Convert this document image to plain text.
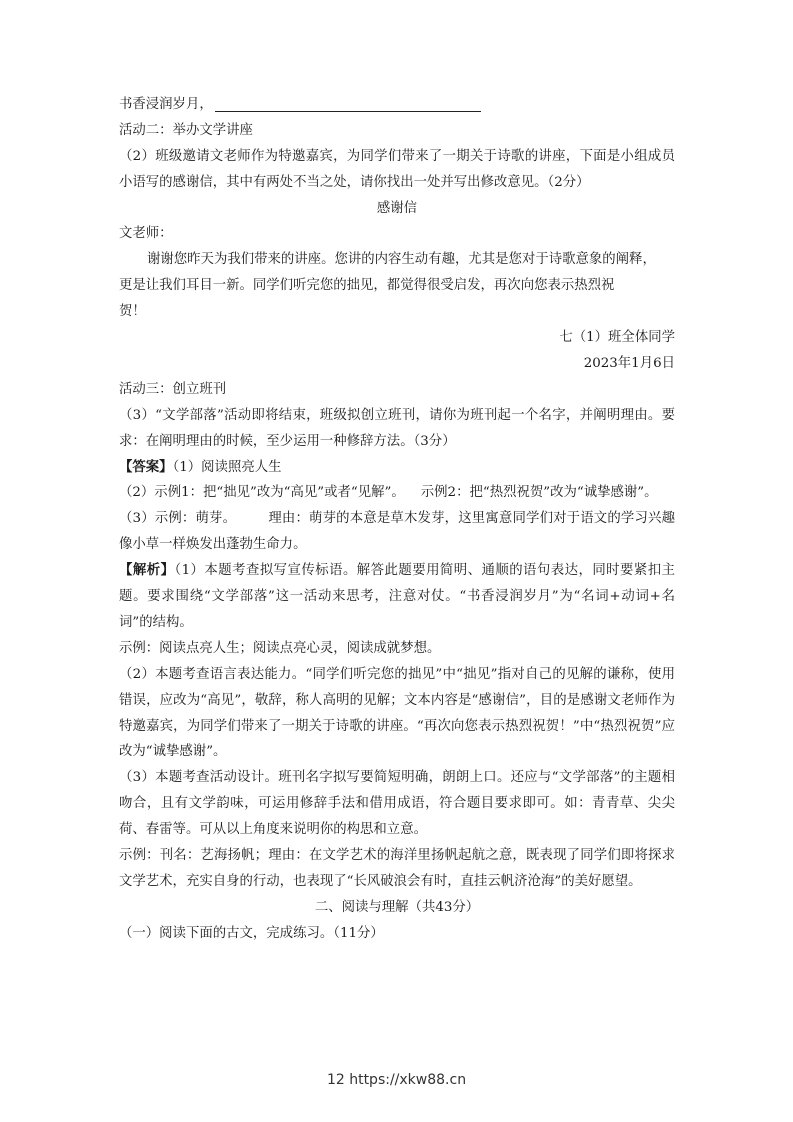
书香浸润岁月，
活动二：举办文学讲座
（2）班级邀请文老师作为特邀嘉宾，为同学们带来了一期关于诗歌的讲座，下面是小组成员小语写的感谢信，其中有两处不当之处，请你找出一处并写出修改意见。（2分）
感谢信
文老师：
谢谢您昨天为我们带来的讲座。您讲的内容生动有趣，尤其是您对于诗歌意象的阐释，
更是让我们耳目一新。同学们听完您的拙见，都觉得很受启发，再次向您表示热烈祝
贺！
七（1）班全体同学
2023年1月6日
活动三：创立班刊
（3）“文学部落”活动即将结束，班级拟创立班刊，请你为班刊起一个名字，并阐明理由。要求：在阐明理由的时候，至少运用一种修辞方法。（3分）
【答案】（1）阅读照亮人生
（2）示例1：把“拙见”改为“高见”或者“见解”。 示例2：把“热烈祝贺”改为“诚挚感谢”。
（3）示例：萌芽。 理由：萌芽的本意是草木发芽，这里寓意同学们对于语文的学习兴趣像小草一样焕发出蓬勃生命力。
【解析】（1）本题考查拟写宣传标语。解答此题要用简明、通顺的语句表达，同时要紧扣主题。要求围绕“文学部落”这一活动来思考，注意对仗。“书香浸润岁月”为“名词+动词+名词”的结构。
示例：阅读点亮人生；阅读点亮心灵，阅读成就梦想。
（2）本题考查语言表达能力。“同学们听完您的拙见”中“拙见”指对自己的见解的谦称，使用错误，应改为“高见”，敬辞，称人高明的见解；文本内容是“感谢信”，目的是感谢文老师作为特邀嘉宾，为同学们带来了一期关于诗歌的讲座。“再次向您表示热烈祝贺！”中“热烈祝贺”应改为“诚挚感谢”。
（3）本题考查活动设计。班刊名字拟写要简短明确，朗朗上口。还应与“文学部落”的主题相吻合，且有文学韵味，可运用修辞手法和借用成语，符合题目要求即可。如：青青草、尖尖荷、春雷等。可从以上角度来说明你的构思和立意。
示例：刊名：艺海扬帆；理由：在文学艺术的海洋里扬帆起航之意，既表现了同学们即将探求文学艺术，充实自身的行动，也表现了“长风破浪会有时，直挂云帆济沧海”的美好愿望。
二、阅读与理解（共43分）
（一）阅读下面的古文，完成练习。（11分）
12 https://xkw88.cn
